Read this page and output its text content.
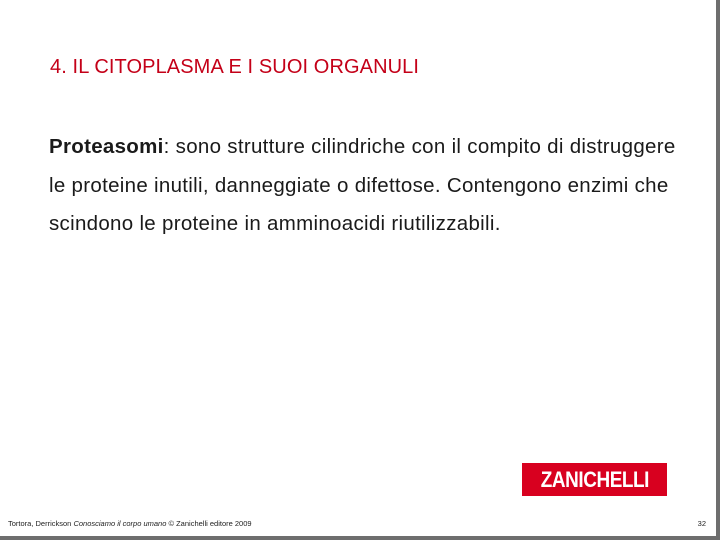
4. IL CITOPLASMA E I SUOI ORGANULI
Proteasomi: sono strutture cilindriche con il compito di distruggere le proteine inutili, danneggiate o difettose. Contengono enzimi che scindono le proteine in amminoacidi riutilizzabili.
ZANICHELLI
Tortora, Derrickson Conosciamo il corpo umano © Zanichelli editore 2009	32
